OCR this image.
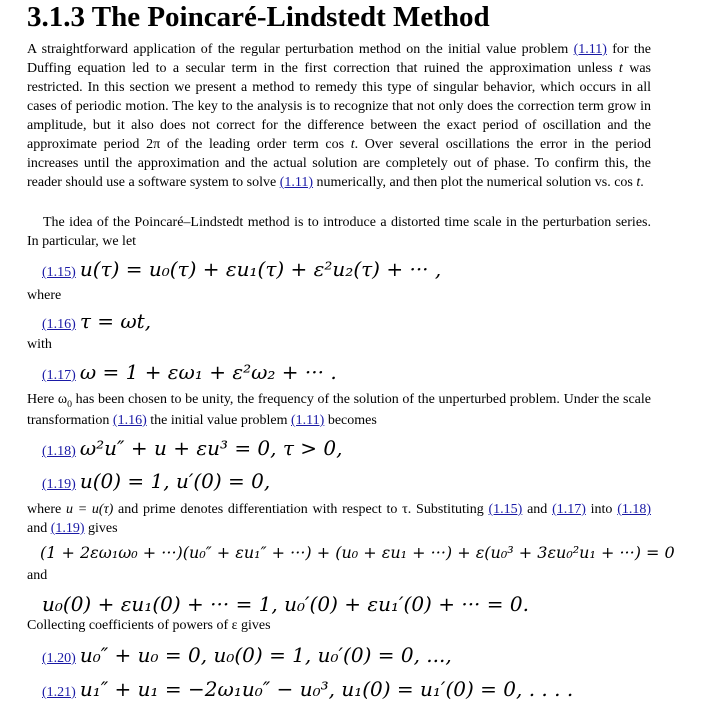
3.1.3 The Poincaré-Lindstedt Method

A straightforward application of the regular perturbation method on the initial value problem (1.11) for the Duffing equation led to a secular term in the first correction that ruined the approximation unless t was restricted. In this section we present a method to remedy this type of singular behavior, which occurs in all cases of periodic motion. The key to the analysis is to recognize that not only does the correction term grow in amplitude, but it also does not correct for the difference between the exact period of oscillation and the approximate period 2π of the leading order term cos t. Over several oscillations the error in the period increases until the approximation and the actual solution are completely out of phase. To confirm this, the reader should use a software system to solve (1.11) numerically, and then plot the numerical solution vs. cos t.

The idea of the Poincaré–Lindstedt method is to introduce a distorted time scale in the perturbation series. In particular, we let

(1.15) u(τ) = u₀(τ) + εu₁(τ) + ε²u₂(τ) + ··· ,
where
(1.16) τ = ωt,
with
(1.17) ω = 1 + εω₁ + ε²ω₂ + ··· .

Here $\omega_0$ has been chosen to be unity, the frequency of the solution of the unperturbed problem. Under the scale transformation (1.16) the initial value problem (1.11) becomes

(1.18) ω²u″ + u + εu³ = 0, τ > 0,
(1.19) u(0) = 1, u′(0) = 0,

where u = u(τ) and prime denotes differentiation with respect to τ. Substituting (1.15) and (1.17) into (1.18) and (1.19) gives

(1 + 2εω₁ω₀ + ···)(u₀″ + εu₁″ + ···) + (u₀ + εu₁ + ···) + ε(u₀³ + 3εu₀²u₁ + ···) = 0
and
u₀(0) + εu₁(0) + ··· = 1, u₀′(0) + εu₁′(0) + ··· = 0.
Collecting coefficients of powers of ε gives
(1.20) u₀″ + u₀ = 0, u₀(0) = 1, u₀′(0) = 0, ...,
(1.21) u₁″ + u₁ = −2ω₁u₀″ − u₀³, u₁(0) = u₁′(0) = 0, . . . .
